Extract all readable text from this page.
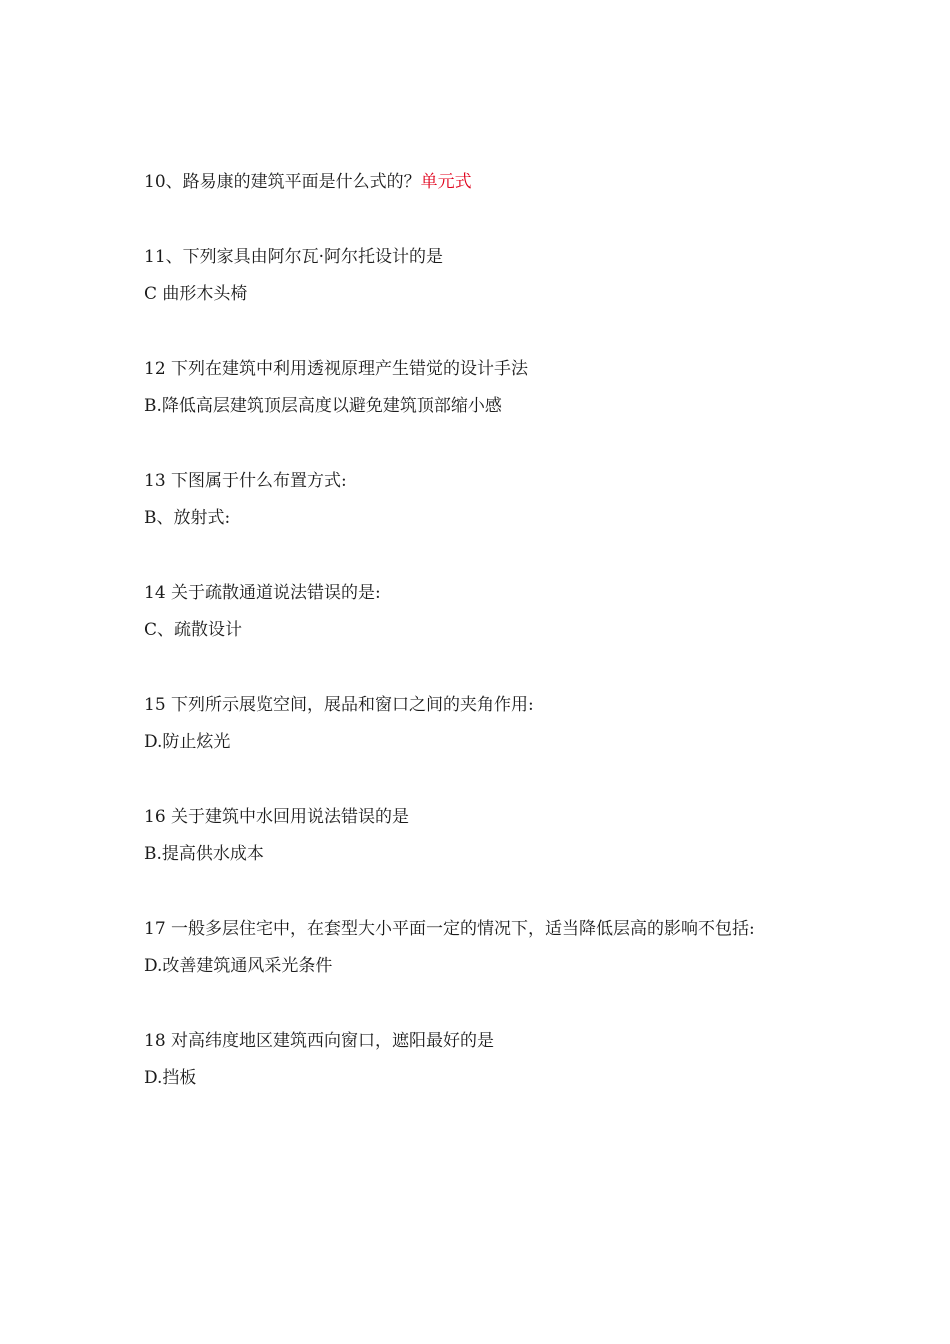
10、路易康的建筑平面是什么式的？单元式

11、下列家具由阿尔瓦·阿尔托设计的是

C 曲形木头椅

12 下列在建筑中利用透视原理产生错觉的设计手法

B.降低高层建筑顶层高度以避免建筑顶部缩小感

13 下图属于什么布置方式:

B、放射式:

14 关于疏散通道说法错误的是:

C、疏散设计

15 下列所示展览空间，展品和窗口之间的夹角作用:

D.防止炫光

16 关于建筑中水回用说法错误的是

B.提高供水成本

17 一般多层住宅中，在套型大小平面一定的情况下，适当降低层高的影响不包括:

D.改善建筑通风采光条件

18 对高纬度地区建筑西向窗口，遮阳最好的是

D.挡板
